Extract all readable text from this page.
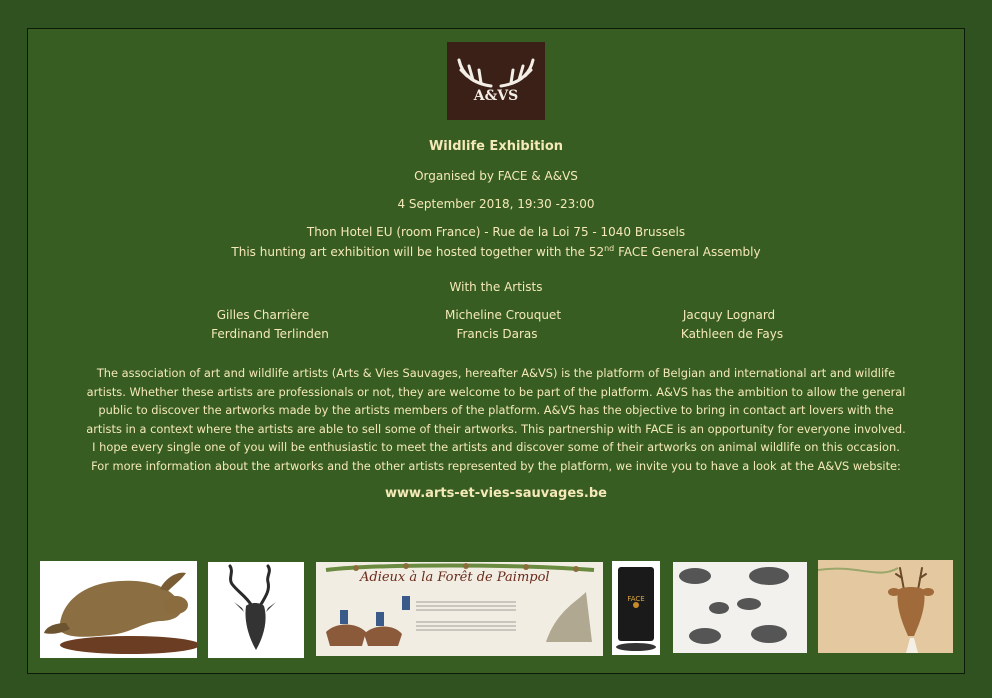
A&VS
Wildlife Exhibition
Organised by FACE & A&VS
4 September 2018, 19:30 -23:00
Thon Hotel EU (room France) - Rue de la Loi 75 - 1040 Brussels
This hunting art exhibition will be hosted together with the 52nd FACE General Assembly
With the Artists
Gilles Charrière	Micheline Crouquet	Jacquy Lognard
Ferdinand Terlinden	Francis Daras	Kathleen de Fays
The association of art and wildlife artists (Arts & Vies Sauvages, hereafter A&VS) is the platform of Belgian and international art and wildlife
artists. Whether these artists are professionals or not, they are welcome to be part of the platform. A&VS has the ambition to allow the general
public to discover the artworks made by the artists members of the platform. A&VS has the objective to bring in contact art lovers with the
artists in a context where the artists are able to sell some of their artworks. This partnership with FACE is an opportunity for everyone involved.
I hope every single one of you will be enthusiastic to meet the artists and discover some of their artworks on animal wildlife on this occasion.
For more information about the artworks and the other artists represented by the platform, we invite you to have a look at the A&VS website:
www.arts-et-vies-sauvages.be
Adieux à la Forêt de Paimpol
FACE
